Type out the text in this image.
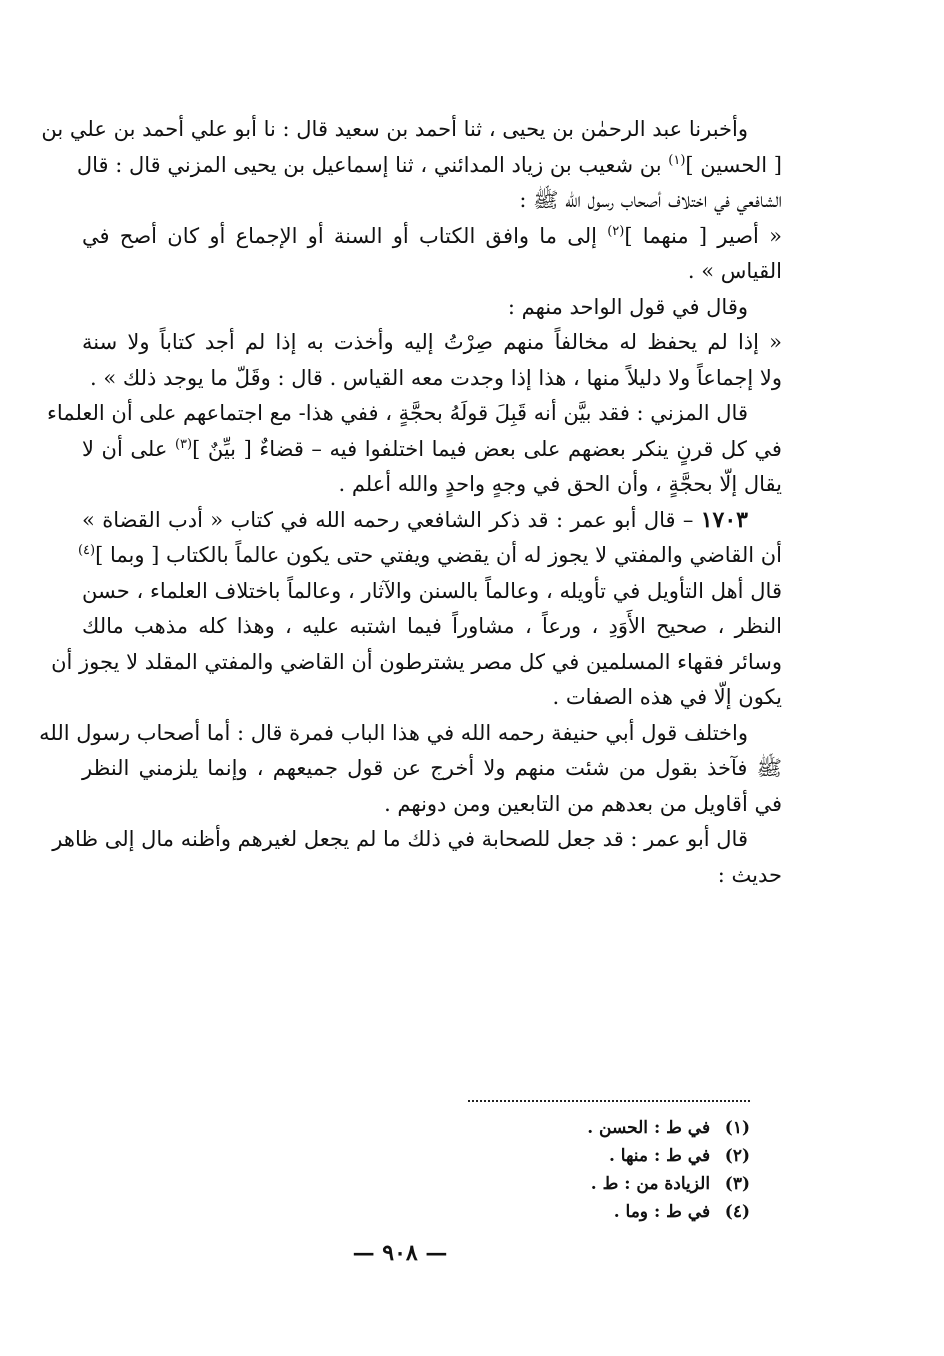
وأخبرنا عبد الرحمٰن بن يحيى ، ثنا أحمد بن سعيد قال : نا أبو علي أحمد بن علي بن
[ الحسين ]$^{(١)}$ بن شعيب بن زياد المدائني ، ثنا إسماعيل بن يحيى المزني قال : قال
الشافعي في اختلاف أصحاب رسول الله ﷺ :
« أصير [ منهما ]$^{(٢)}$ إلى ما وافق الكتاب أو السنة أو الإجماع أو كان أصح في
القياس » .
وقال في قول الواحد منهم :
« إذا لم يحفظ له مخالفاً منهم صِرْتُ إليه وأخذت به إذا لم أجد كتاباً ولا سنة
ولا إجماعاً ولا دليلاً منها ، هذا إذا وجدت معه القياس . قال : وقَلّ ما يوجد ذلك » .
قال المزني : فقد بيَّن أنه قَبِلَ قولَهُ بحجَّةٍ ، ففي هذا- مع اجتماعهم على أن العلماء
في كل قرنٍ ينكر بعضهم على بعض فيما اختلفوا فيه – قضاءٌ [ بيِّنٌ ]$^{(٣)}$ على أن لا
يقال إلّا بحجَّةٍ ، وأن الحق في وجهٍ واحدٍ والله أعلم .
١٧٠٣ – قال أبو عمر : قد ذكر الشافعي رحمه الله في كتاب « أدب القضاة »
أن القاضي والمفتي لا يجوز له أن يقضي ويفتي حتى يكون عالماً بالكتاب [ وبما ]$^{(٤)}$
قال أهل التأويل في تأويله ، وعالماً بالسنن والآثار ، وعالماً باختلاف العلماء ، حسن
النظر ، صحيح الأَوَدِ ، ورعاً ، مشاوراً فيما اشتبه عليه ، وهذا كله مذهب مالك
وسائر فقهاء المسلمين في كل مصر يشترطون أن القاضي والمفتي المقلد لا يجوز أن
يكون إلّا في هذه الصفات .
واختلف قول أبي حنيفة رحمه الله في هذا الباب فمرة قال : أما أصحاب رسول الله
ﷺ فآخذ بقول من شئت منهم ولا أخرج عن قول جميعهم ، وإنما يلزمني النظر
في أقاويل من بعدهم من التابعين ومن دونهم .
قال أبو عمر : قد جعل للصحابة في ذلك ما لم يجعل لغيرهم وأظنه مال إلى ظاهر
حديث :
(١) في ط : الحسن .
(٢) في ط : منها .
(٣) الزيادة من : ط .
(٤) في ط : وما .
— ٩٠٨ —
